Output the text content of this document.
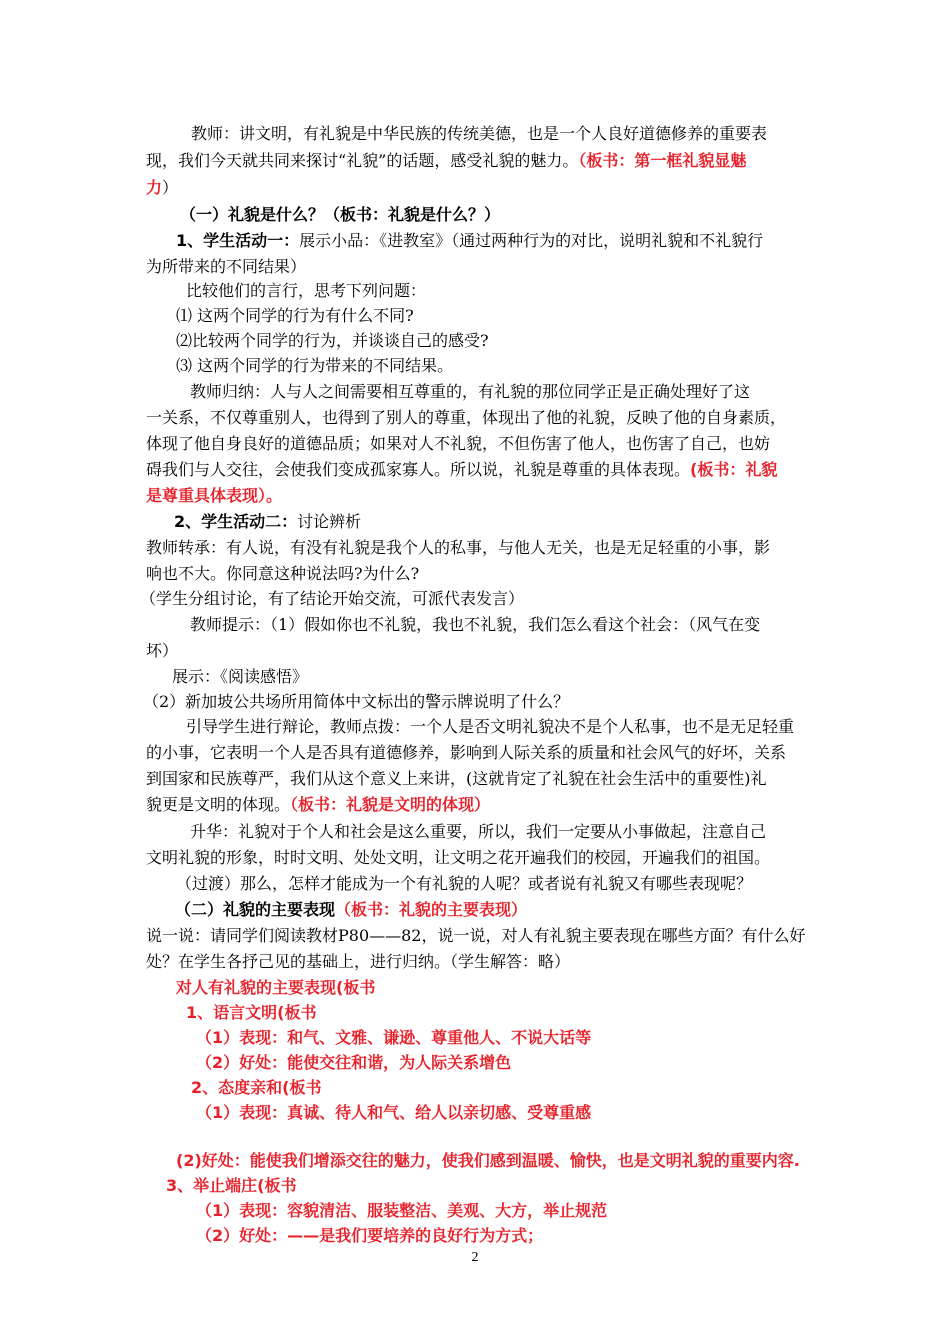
教师：讲文明，有礼貌是中华民族的传统美德，也是一个人良好道德修养的重要表
现，我们今天就共同来探讨“礼貌”的话题，感受礼貌的魅力。（板书：第一框礼貌显魅
力）
（一）礼貌是什么？（板书：礼貌是什么？）
1、学生活动一：展示小品：《进教室》（通过两种行为的对比，说明礼貌和不礼貌行
为所带来的不同结果）
比较他们的言行，思考下列问题：
⑴ 这两个同学的行为有什么不同?
⑵比较两个同学的行为，并谈谈自己的感受?
⑶ 这两个同学的行为带来的不同结果。
教师归纳：人与人之间需要相互尊重的，有礼貌的那位同学正是正确处理好了这
一关系，不仅尊重别人，也得到了别人的尊重，体现出了他的礼貌，反映了他的自身素质，
体现了他自身良好的道德品质；如果对人不礼貌，不但伤害了他人，也伤害了自己，也妨
碍我们与人交往，会使我们变成孤家寡人。所以说，礼貌是尊重的具体表现。(板书：礼貌
是尊重具体表现）。
2、学生活动二：讨论辨析
教师转承：有人说，有没有礼貌是我个人的私事，与他人无关，也是无足轻重的小事，影
响也不大。你同意这种说法吗?为什么?
（学生分组讨论，有了结论开始交流，可派代表发言）
教师提示：（1）假如你也不礼貌，我也不礼貌，我们怎么看这个社会：（风气在变
坏）
展示：《阅读感悟》
（2）新加坡公共场所用简体中文标出的警示牌说明了什么？
引导学生进行辩论，教师点拨：一个人是否文明礼貌决不是个人私事，也不是无足轻重
的小事，它表明一个人是否具有道德修养，影响到人际关系的质量和社会风气的好坏，关系
到国家和民族尊严，我们从这个意义上来讲，(这就肯定了礼貌在社会生活中的重要性)礼
貌更是文明的体现。（板书：礼貌是文明的体现）
升华：礼貌对于个人和社会是这么重要，所以，我们一定要从小事做起，注意自己
文明礼貌的形象，时时文明、处处文明，让文明之花开遍我们的校园，开遍我们的祖国。
（过渡）那么，怎样才能成为一个有礼貌的人呢？或者说有礼貌又有哪些表现呢？
（二）礼貌的主要表现（板书：礼貌的主要表现）
说一说：请同学们阅读教材P80——82，说一说，对人有礼貌主要表现在哪些方面？有什么好
处？在学生各抒己见的基础上，进行归纳。（学生解答：略）
对人有礼貌的主要表现(板书
1、语言文明(板书
（1）表现：和气、文雅、谦逊、尊重他人、不说大话等
（2）好处：能使交往和谐，为人际关系增色
2、态度亲和(板书
（1）表现：真诚、待人和气、给人以亲切感、受尊重感
(2)好处：能使我们增添交往的魅力，使我们感到温暖、愉快，也是文明礼貌的重要内容.
3、举止端庄(板书
（1）表现：容貌清洁、服装整洁、美观、大方，举止规范
（2）好处：——是我们要培养的良好行为方式；
2
